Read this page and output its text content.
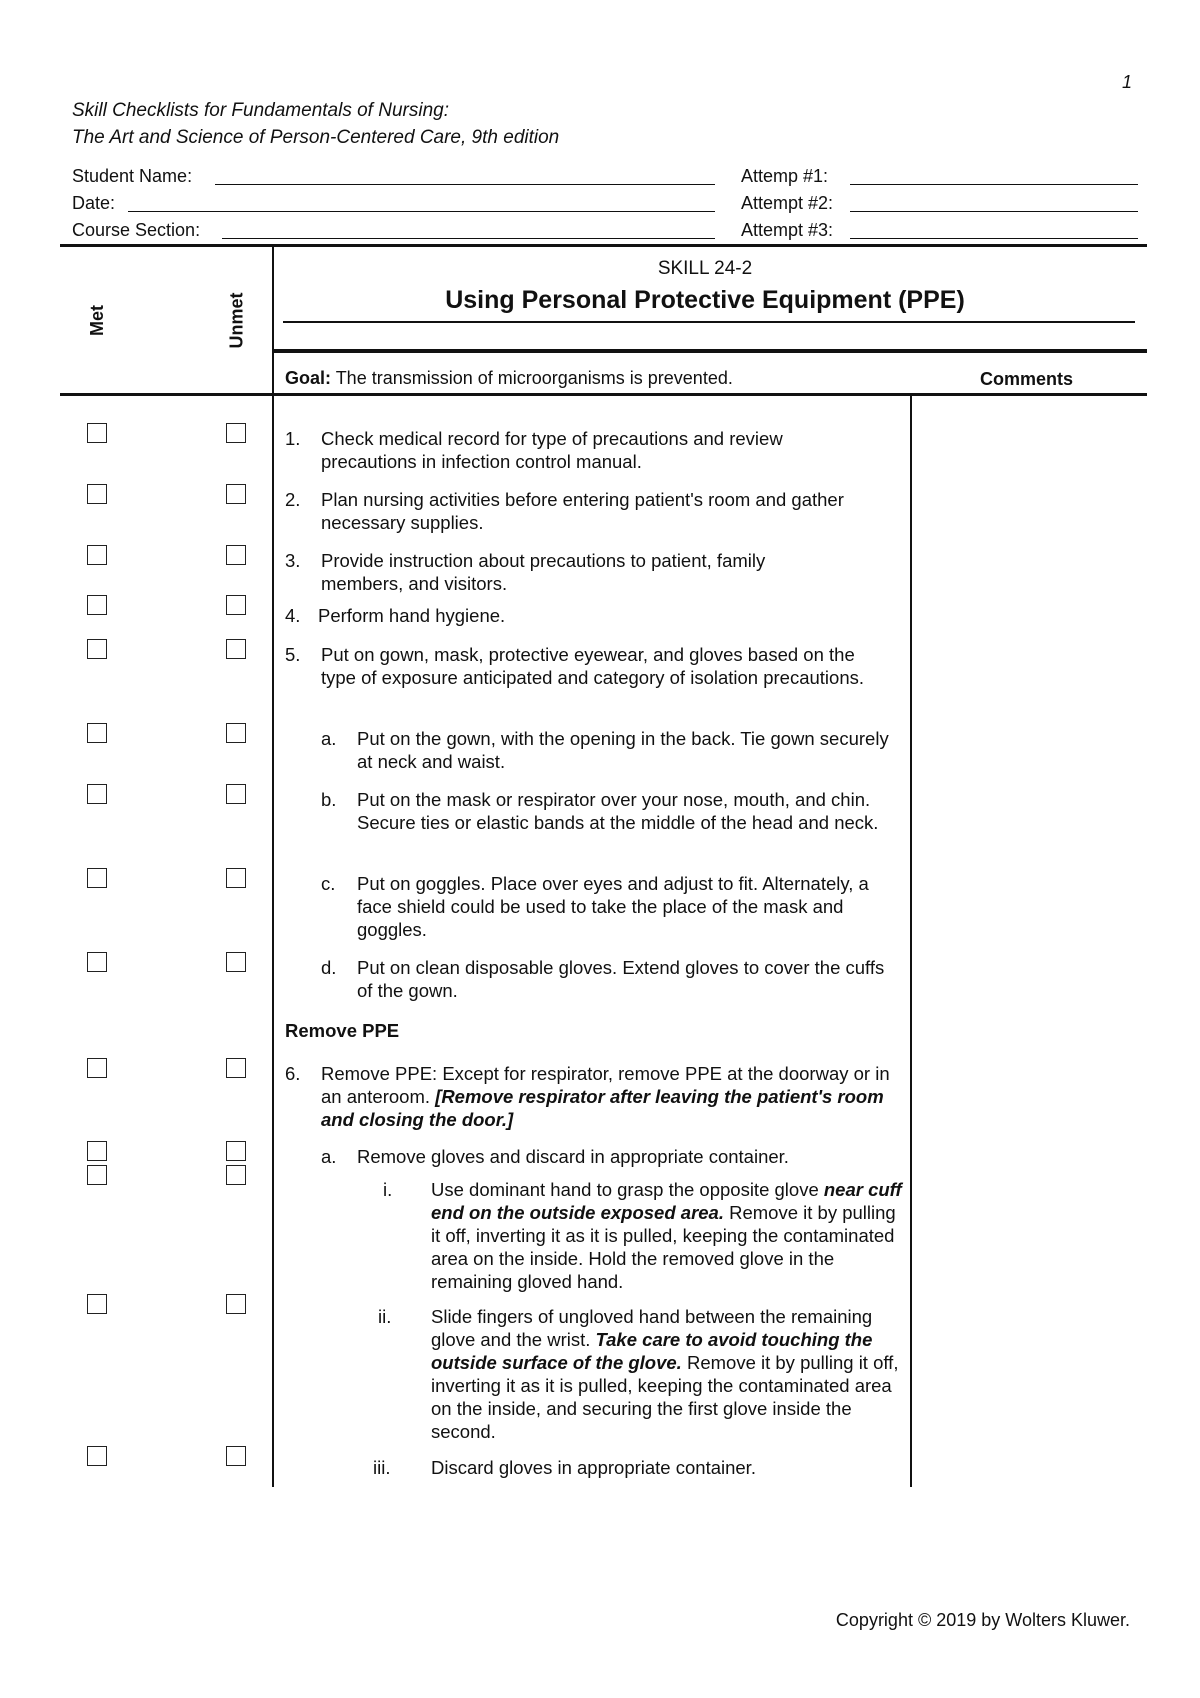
1
Skill Checklists for Fundamentals of Nursing:
The Art and Science of Person-Centered Care, 9th edition
Student Name:
Date:
Course Section:
Attemp #1:
Attempt #2:
Attempt #3:
Met	Unmet
SKILL 24-2
Using Personal Protective Equipment (PPE)
Goal: The transmission of microorganisms is prevented.	Comments
1. Check medical record for type of precautions and review precautions in infection control manual.
2. Plan nursing activities before entering patient's room and gather necessary supplies.
3. Provide instruction about precautions to patient, family members, and visitors.
4. Perform hand hygiene.
5. Put on gown, mask, protective eyewear, and gloves based on the type of exposure anticipated and category of isolation precautions.
a. Put on the gown, with the opening in the back. Tie gown securely at neck and waist.
b. Put on the mask or respirator over your nose, mouth, and chin. Secure ties or elastic bands at the middle of the head and neck.
c. Put on goggles. Place over eyes and adjust to fit. Alternately, a face shield could be used to take the place of the mask and goggles.
d. Put on clean disposable gloves. Extend gloves to cover the cuffs of the gown.
Remove PPE
6. Remove PPE: Except for respirator, remove PPE at the doorway or in an anteroom. [Remove respirator after leaving the patient's room and closing the door.]
a. Remove gloves and discard in appropriate container.
i. Use dominant hand to grasp the opposite glove near cuff end on the outside exposed area. Remove it by pulling it off, inverting it as it is pulled, keeping the contaminated area on the inside. Hold the removed glove in the remaining gloved hand.
ii. Slide fingers of ungloved hand between the remaining glove and the wrist. Take care to avoid touching the outside surface of the glove. Remove it by pulling it off, inverting it as it is pulled, keeping the contaminated area on the inside, and securing the first glove inside the second.
iii. Discard gloves in appropriate container.
Copyright © 2019 by Wolters Kluwer.
